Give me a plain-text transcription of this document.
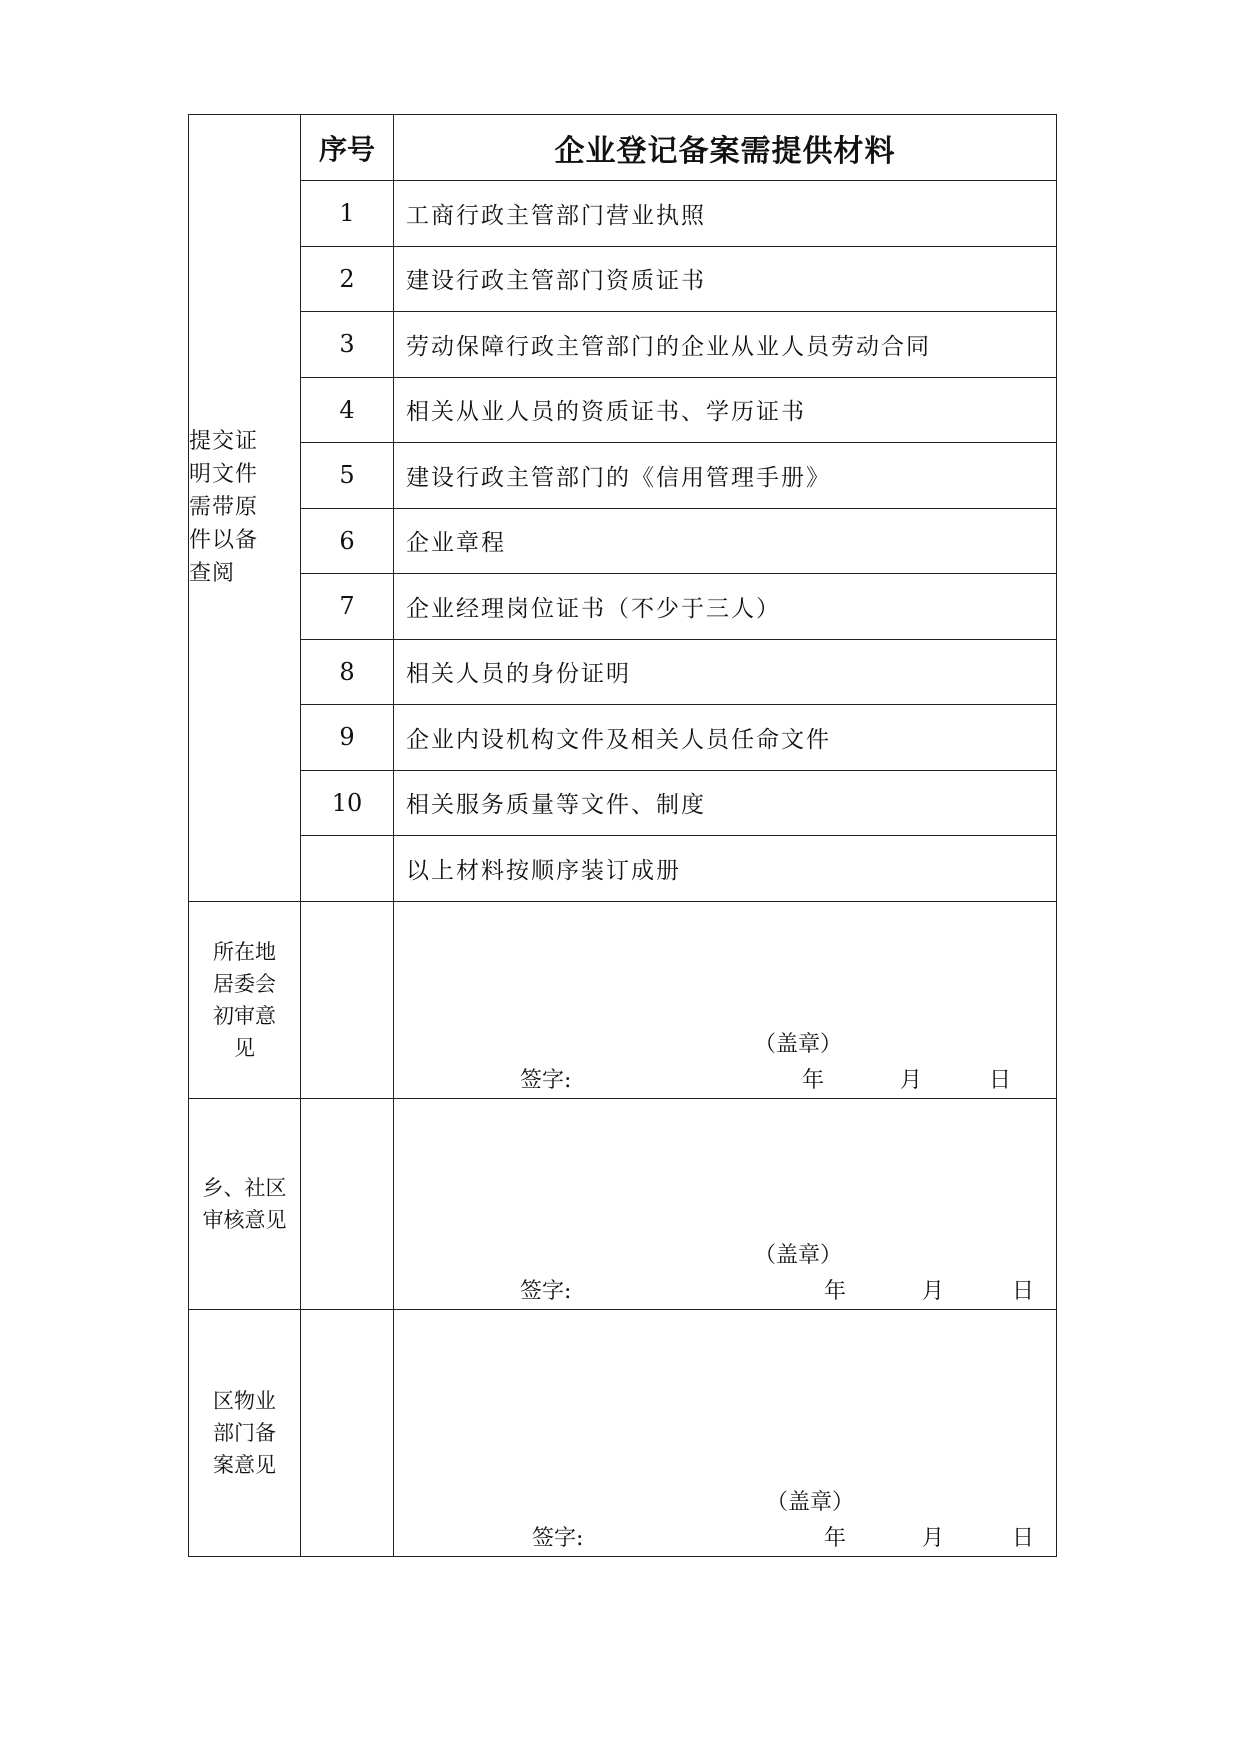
提交证明文件需带原件以备查阅	序号	企业登记备案需提供材料
	1	工商行政主管部门营业执照
	2	建设行政主管部门资质证书
	3	劳动保障行政主管部门的企业从业人员劳动合同
	4	相关从业人员的资质证书、学历证书
	5	建设行政主管部门的《信用管理手册》
	6	企业章程
	7	企业经理岗位证书（不少于三人）
	8	相关人员的身份证明
	9	企业内设机构文件及相关人员任命文件
	10	相关服务质量等文件、制度
		以上材料按顺序装订成册

所在地居委会初审意见		（盖章）
签字: 年 月 日

乡、社区审核意见		（盖章）
签字: 年 月 日

区物业部门备案意见		（盖章）
签字: 年 月 日
